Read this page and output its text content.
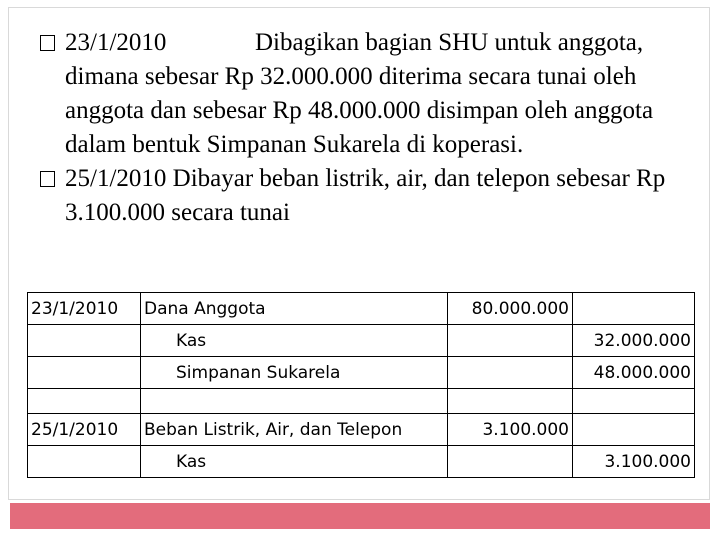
23/1/2010	Dibagikan bagian SHU untuk anggota, dimana sebesar Rp 32.000.000 diterima secara tunai oleh anggota dan sebesar Rp 48.000.000 disimpan oleh anggota dalam bentuk Simpanan Sukarela di koperasi.
25/1/2010 Dibayar beban listrik, air, dan telepon sebesar Rp 3.100.000 secara tunai
23/1/2010	Dana Anggota	80.000.000	
	Kas		32.000.000
	Simpanan Sukarela		48.000.000

25/1/2010	Beban Listrik, Air, dan Telepon	3.100.000	
	Kas		3.100.000
